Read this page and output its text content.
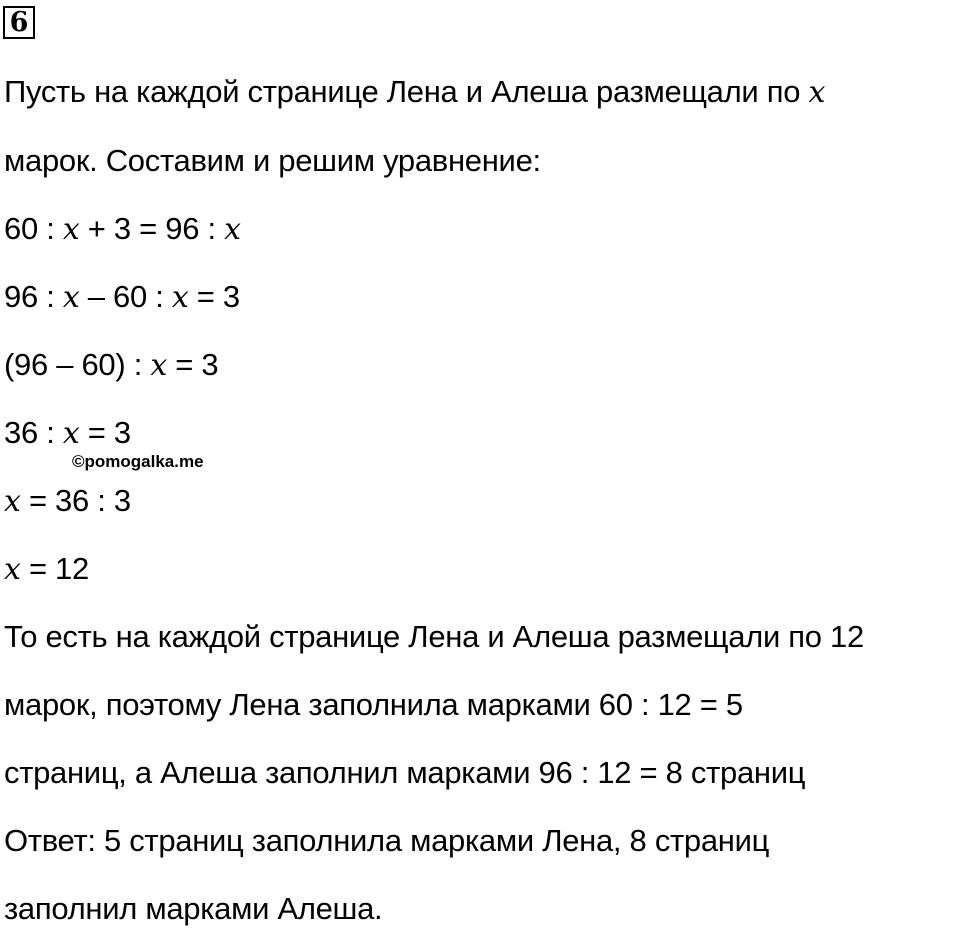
6
Пусть на каждой странице Лена и Алеша размещали по x
марок. Составим и решим уравнение:
60 : x + 3 = 96 : x
96 : x – 60 : x = 3
(96 – 60) : x = 3
36 : x = 3
©pomogalka.me
x = 36 : 3
x = 12
То есть на каждой странице Лена и Алеша размещали по 12
марок, поэтому Лена заполнила марками 60 : 12 = 5
страниц, а Алеша заполнил марками 96 : 12 = 8 страниц
Ответ: 5 страниц заполнила марками Лена, 8 страниц
заполнил марками Алеша.
